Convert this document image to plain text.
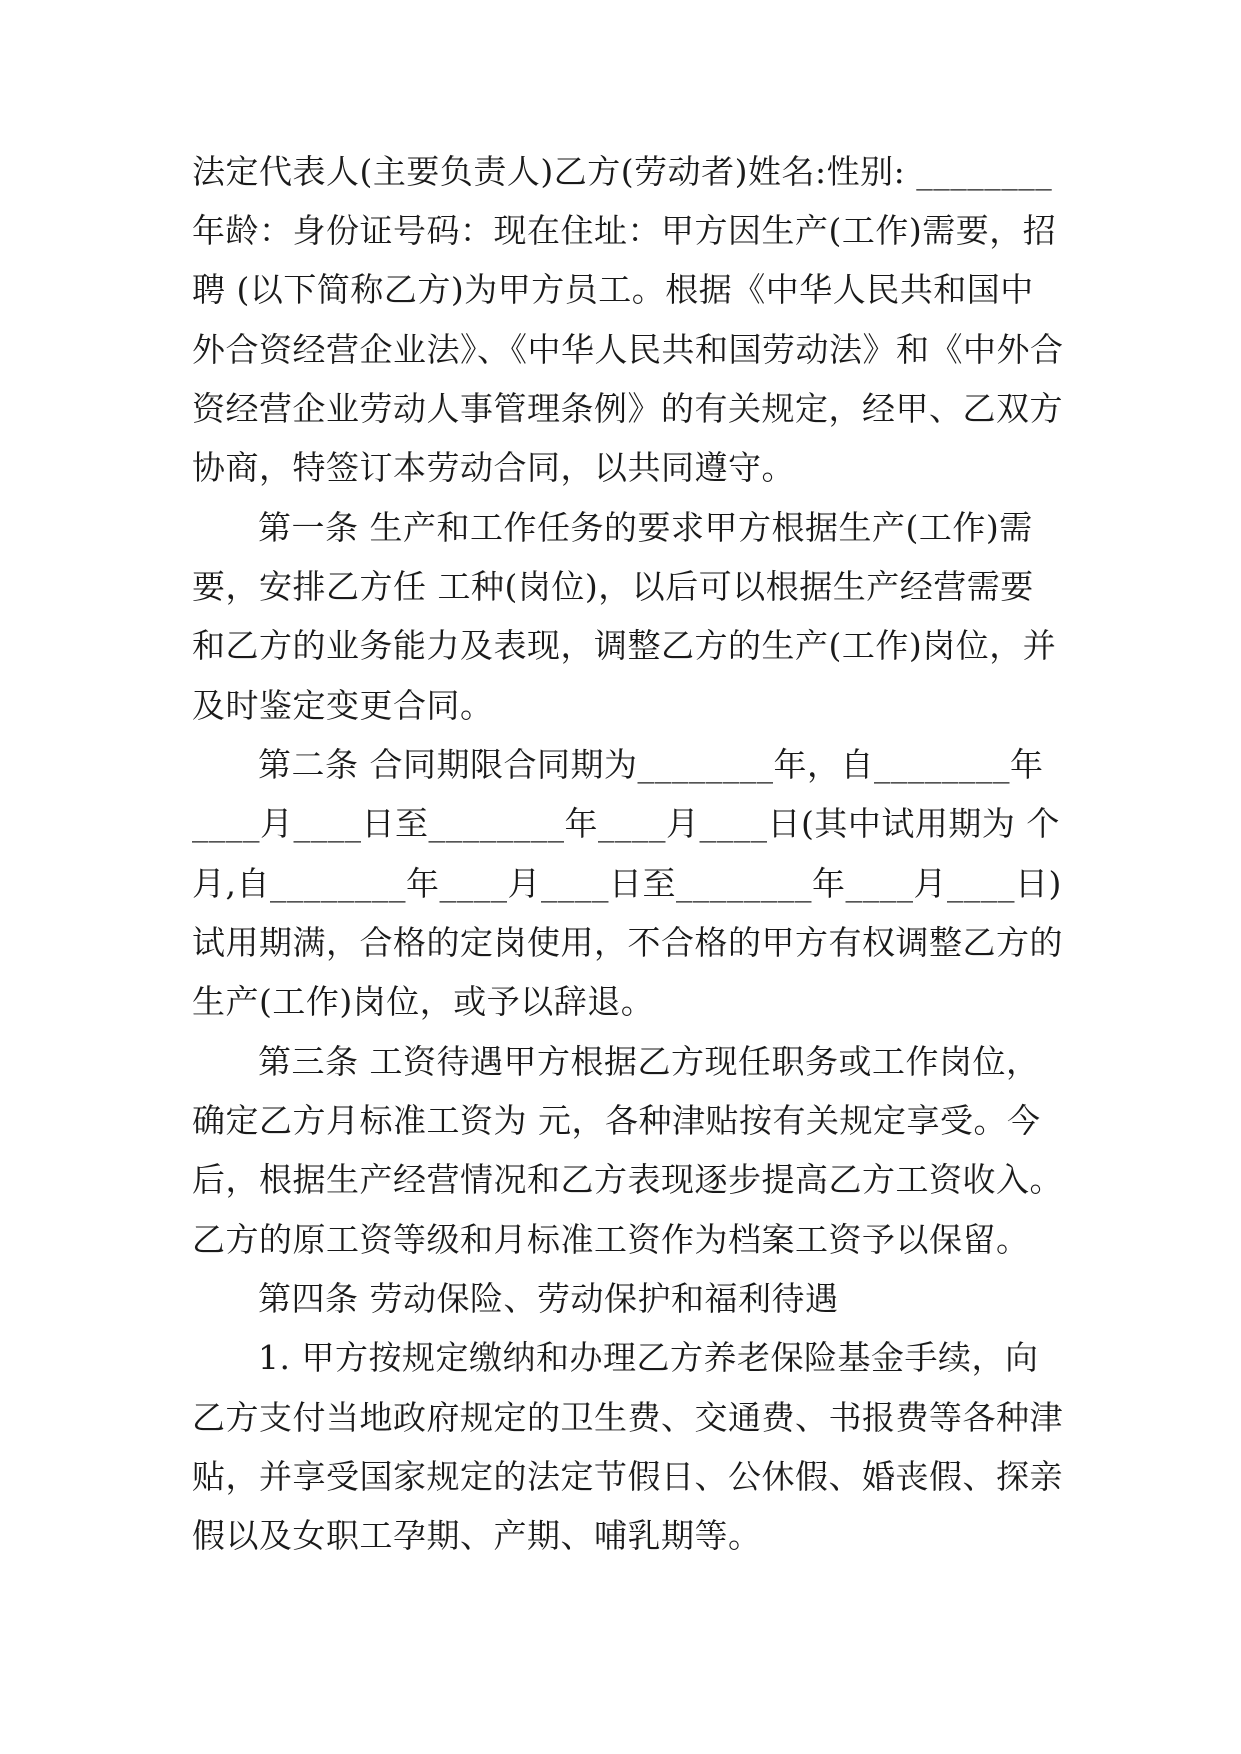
法定代表人(主要负责人)乙方(劳动者)姓名:性别: ________
年龄：身份证号码：现在住址：甲方因生产(工作)需要，招
聘 (以下简称乙方)为甲方员工。根据《中华人民共和国中
外合资经营企业法》、《中华人民共和国劳动法》和《中外合
资经营企业劳动人事管理条例》的有关规定，经甲、乙双方
协商，特签订本劳动合同，以共同遵守。
第一条 生产和工作任务的要求甲方根据生产(工作)需
要，安排乙方任 工种(岗位)，以后可以根据生产经营需要
和乙方的业务能力及表现，调整乙方的生产(工作)岗位，并
及时鉴定变更合同。
第二条 合同期限合同期为________年，自________年
____月____日至________年____月____日(其中试用期为 个
月,自________年____月____日至________年____月____日)
试用期满，合格的定岗使用，不合格的甲方有权调整乙方的
生产(工作)岗位，或予以辞退。
第三条 工资待遇甲方根据乙方现任职务或工作岗位，
确定乙方月标准工资为 元，各种津贴按有关规定享受。今
后，根据生产经营情况和乙方表现逐步提高乙方工资收入。
乙方的原工资等级和月标准工资作为档案工资予以保留。
第四条 劳动保险、劳动保护和福利待遇
1. 甲方按规定缴纳和办理乙方养老保险基金手续，向
乙方支付当地政府规定的卫生费、交通费、书报费等各种津
贴，并享受国家规定的法定节假日、公休假、婚丧假、探亲
假以及女职工孕期、产期、哺乳期等。
